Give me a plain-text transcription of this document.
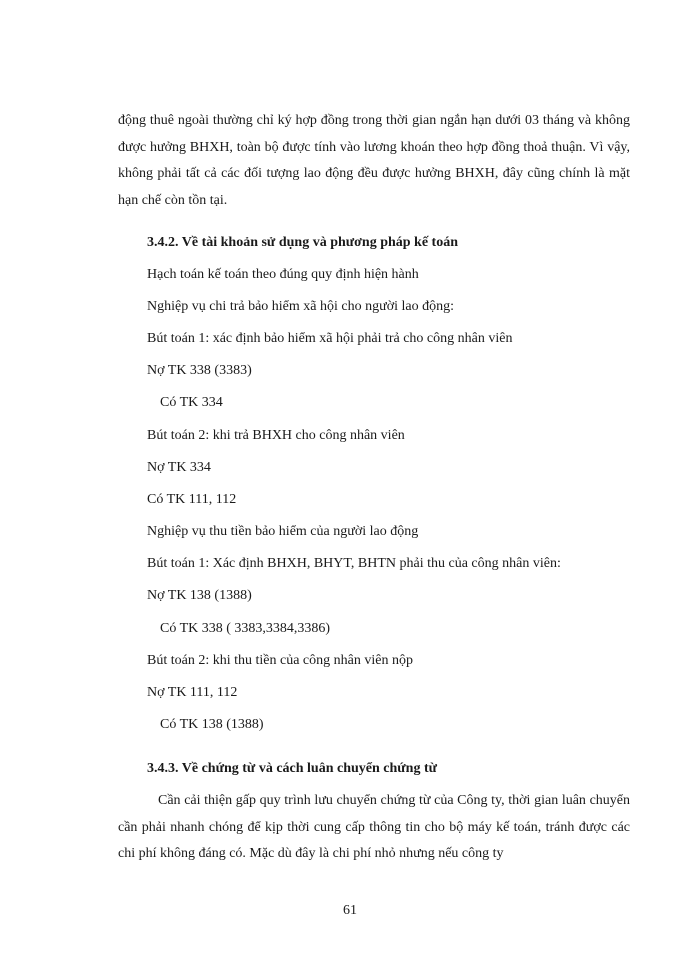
động thuê ngoài thường chỉ ký hợp đồng trong thời gian ngắn hạn dưới 03 tháng và không được hưởng BHXH, toàn bộ được tính vào lương khoán theo hợp đồng thoả thuận. Vì vậy, không phải tất cả các đối tượng lao động đều được hưởng BHXH, đây cũng chính là mặt hạn chế còn tồn tại.

3.4.2. Về tài khoản sử dụng và phương pháp kế toán
Hạch toán kế toán theo đúng quy định hiện hành
Nghiệp vụ chi trả bảo hiểm xã hội cho người lao động:
Bút toán 1: xác định bảo hiểm xã hội phải trả cho công nhân viên
Nợ TK 338 (3383)
Có TK 334
Bút toán 2: khi trả BHXH cho công nhân viên
Nợ TK 334
Có TK 111, 112
Nghiệp vụ thu tiền bảo hiểm của người lao động
Bút toán 1: Xác định BHXH, BHYT, BHTN phải thu của công nhân viên:
Nợ TK 138 (1388)
Có TK 338 ( 3383,3384,3386)
Bút toán 2: khi thu tiền của công nhân viên nộp
Nợ TK 111, 112
Có TK 138 (1388)
3.4.3. Về chứng từ và cách luân chuyển chứng từ

Cần cải thiện gấp quy trình lưu chuyển chứng từ của Công ty, thời gian luân chuyển cần phải nhanh chóng để kịp thời cung cấp thông tin cho bộ máy kế toán, tránh được các chi phí không đáng có. Mặc dù đây là chi phí nhỏ nhưng nếu công ty

61
